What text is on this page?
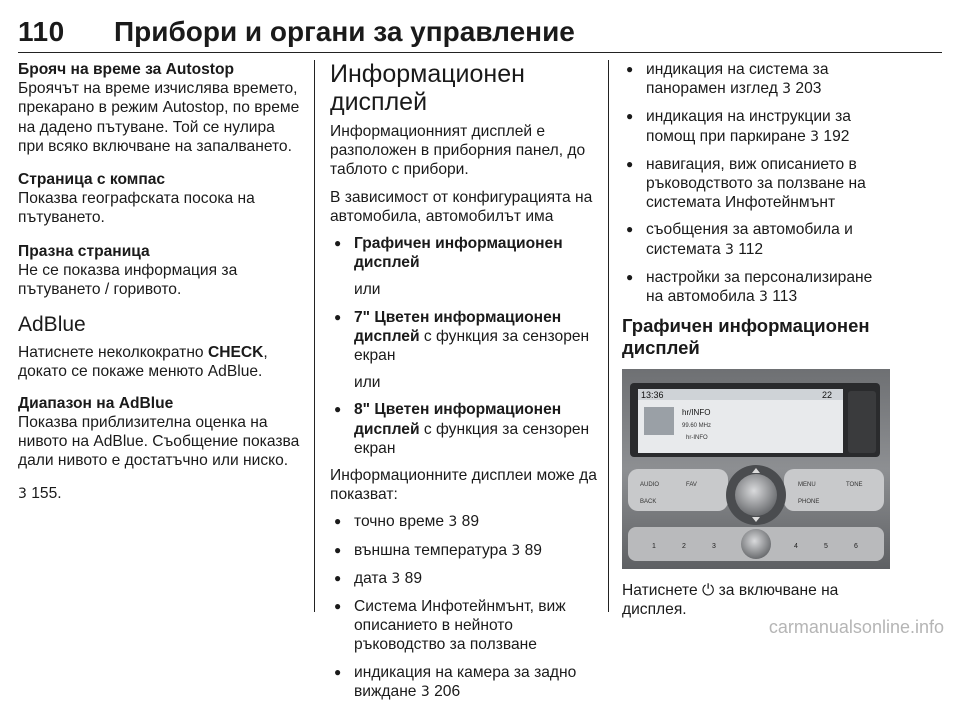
110 Прибори и органи за управление

Брояч на време за Autostop

Броячът на време изчислява времето, прекарано в режим Autostop, по време на дадено пътуване. Той се нулира при всяко включване на запалването.

Страница с компас

Показва географската посока на пътуването.

Празна страница

Не се показва информация за пътуването / горивото.

AdBlue

Натиснете неколкократно CHECK, докато се покаже менюто AdBlue.

Диапазон на AdBlue

Показва приблизителна оценка на нивото на AdBlue. Съобщение показва дали нивото е достатъчно или ниско.

3 155.

Информационен дисплей

Информационният дисплей е разположен в приборния панел, до таблото с прибори.

В зависимост от конфигурацията на автомобила, автомобилът има

● Графичен информационен дисплей
или
● 7" Цветен информационен дисплей с функция за сензорен екран
или
● 8" Цветен информационен дисплей с функция за сензорен екран

Информационните дисплеи може да показват:

● точно време 3 89
● външна температура 3 89
● дата 3 89
● Система Инфотейнмънт, виж описанието в нейното ръководство за ползване
● индикация на камера за задно виждане 3 206
● индикация на система за панорамен изглед 3 203
● индикация на инструкции за помощ при паркиране 3 192
● навигация, виж описанието в ръководството за ползване на системата Инфотейнмънт
● съобщения за автомобила и системата 3 112
● настройки за персонализиране на автомобила 3 113
Графичен информационен дисплей
13:36	22
hr/INFO
99.60 MHz
hr-INFO
AUDIO	FAV
BACK
MENU	TONE
PHONE
1	2	3	4	5	6

Натиснете ⏻ за включване на дисплея.

carmanualsonline.info
